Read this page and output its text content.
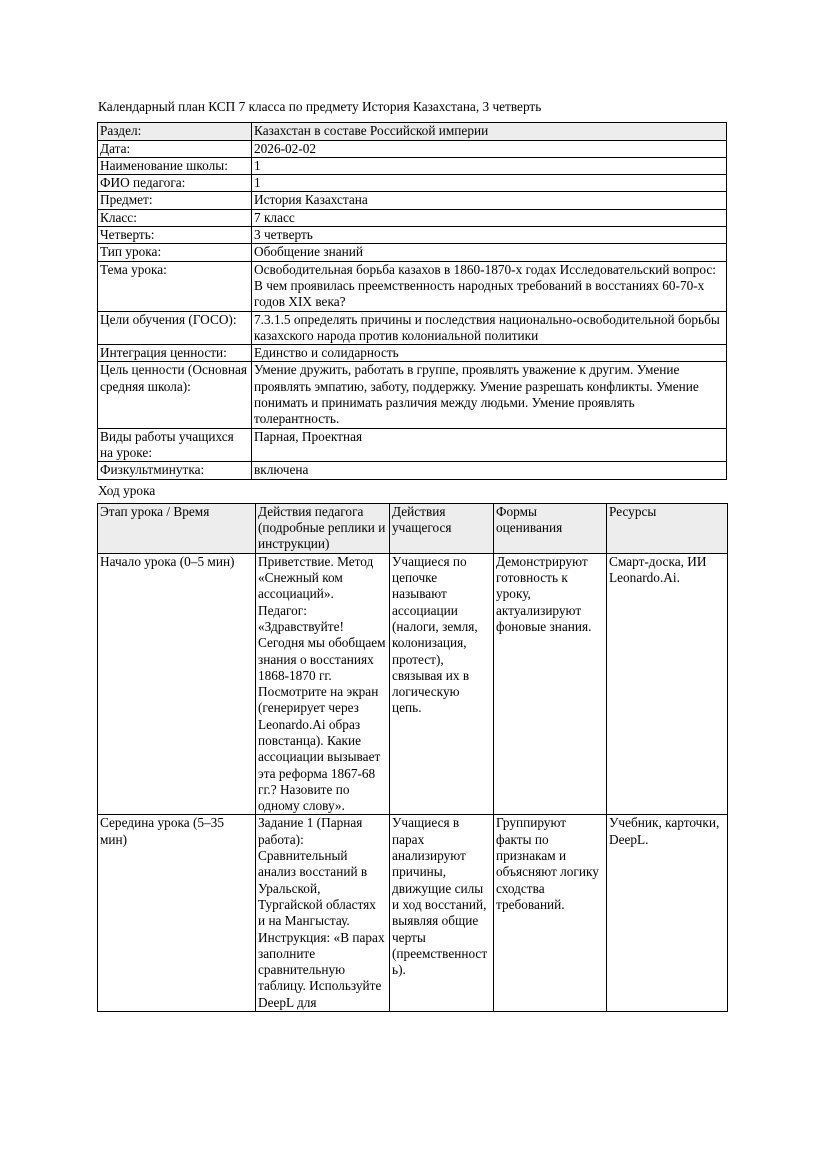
Календарный план КСП 7 класса по предмету История Казахстана, 3 четверть
Раздел:	Казахстан в составе Российской империи
Дата:	2026-02-02
Наименование школы:	1
ФИО педагога:	1
Предмет:	История Казахстана
Класс:	7 класс
Четверть:	3 четверть
Тип урока:	Обобщение знаний
Тема урока:	Освободительная борьба казахов в 1860-1870-х годах Исследовательский вопрос: В чем проявилась преемственность народных требований в восстаниях 60-70-х годов XIX века?
Цели обучения (ГОСО):	7.3.1.5 определять причины и последствия национально-освободительной борьбы казахского народа против колониальной политики
Интеграция ценности:	Единство и солидарность
Цель ценности (Основная средняя школа):	Умение дружить, работать в группе, проявлять уважение к другим. Умение проявлять эмпатию, заботу, поддержку. Умение разрешать конфликты. Умение понимать и принимать различия между людьми. Умение проявлять толерантность.
Виды работы учащихся на уроке:	Парная, Проектная
Физкультминутка:	включена
Ход урока
Этап урока / Время	Действия педагога (подробные реплики и инструкции)	Действия учащегося	Формы оценивания	Ресурсы
Начало урока (0–5 мин)	Приветствие. Метод «Снежный ком ассоциаций». Педагог: «Здравствуйте! Сегодня мы обобщаем знания о восстаниях 1868-1870 гг. Посмотрите на экран (генерирует через Leonardo.Ai образ повстанца). Какие ассоциации вызывает эта реформа 1867-68 гг.? Назовите по одному слову».	Учащиеся по цепочке называют ассоциации (налоги, земля, колонизация, протест), связывая их в логическую цепь.	Демонстрируют готовность к уроку, актуализируют фоновые знания.	Смарт-доска, ИИ Leonardo.Ai.
Середина урока (5–35 мин)	Задание 1 (Парная работа): Сравнительный анализ восстаний в Уральской, Тургайской областях и на Мангыстау. Инструкция: «В парах заполните сравнительную таблицу. Используйте DeepL для	Учащиеся в парах анализируют причины, движущие силы и ход восстаний, выявляя общие черты (преемственность).	Группируют факты по признакам и объясняют логику сходства требований.	Учебник, карточки, DeepL.
